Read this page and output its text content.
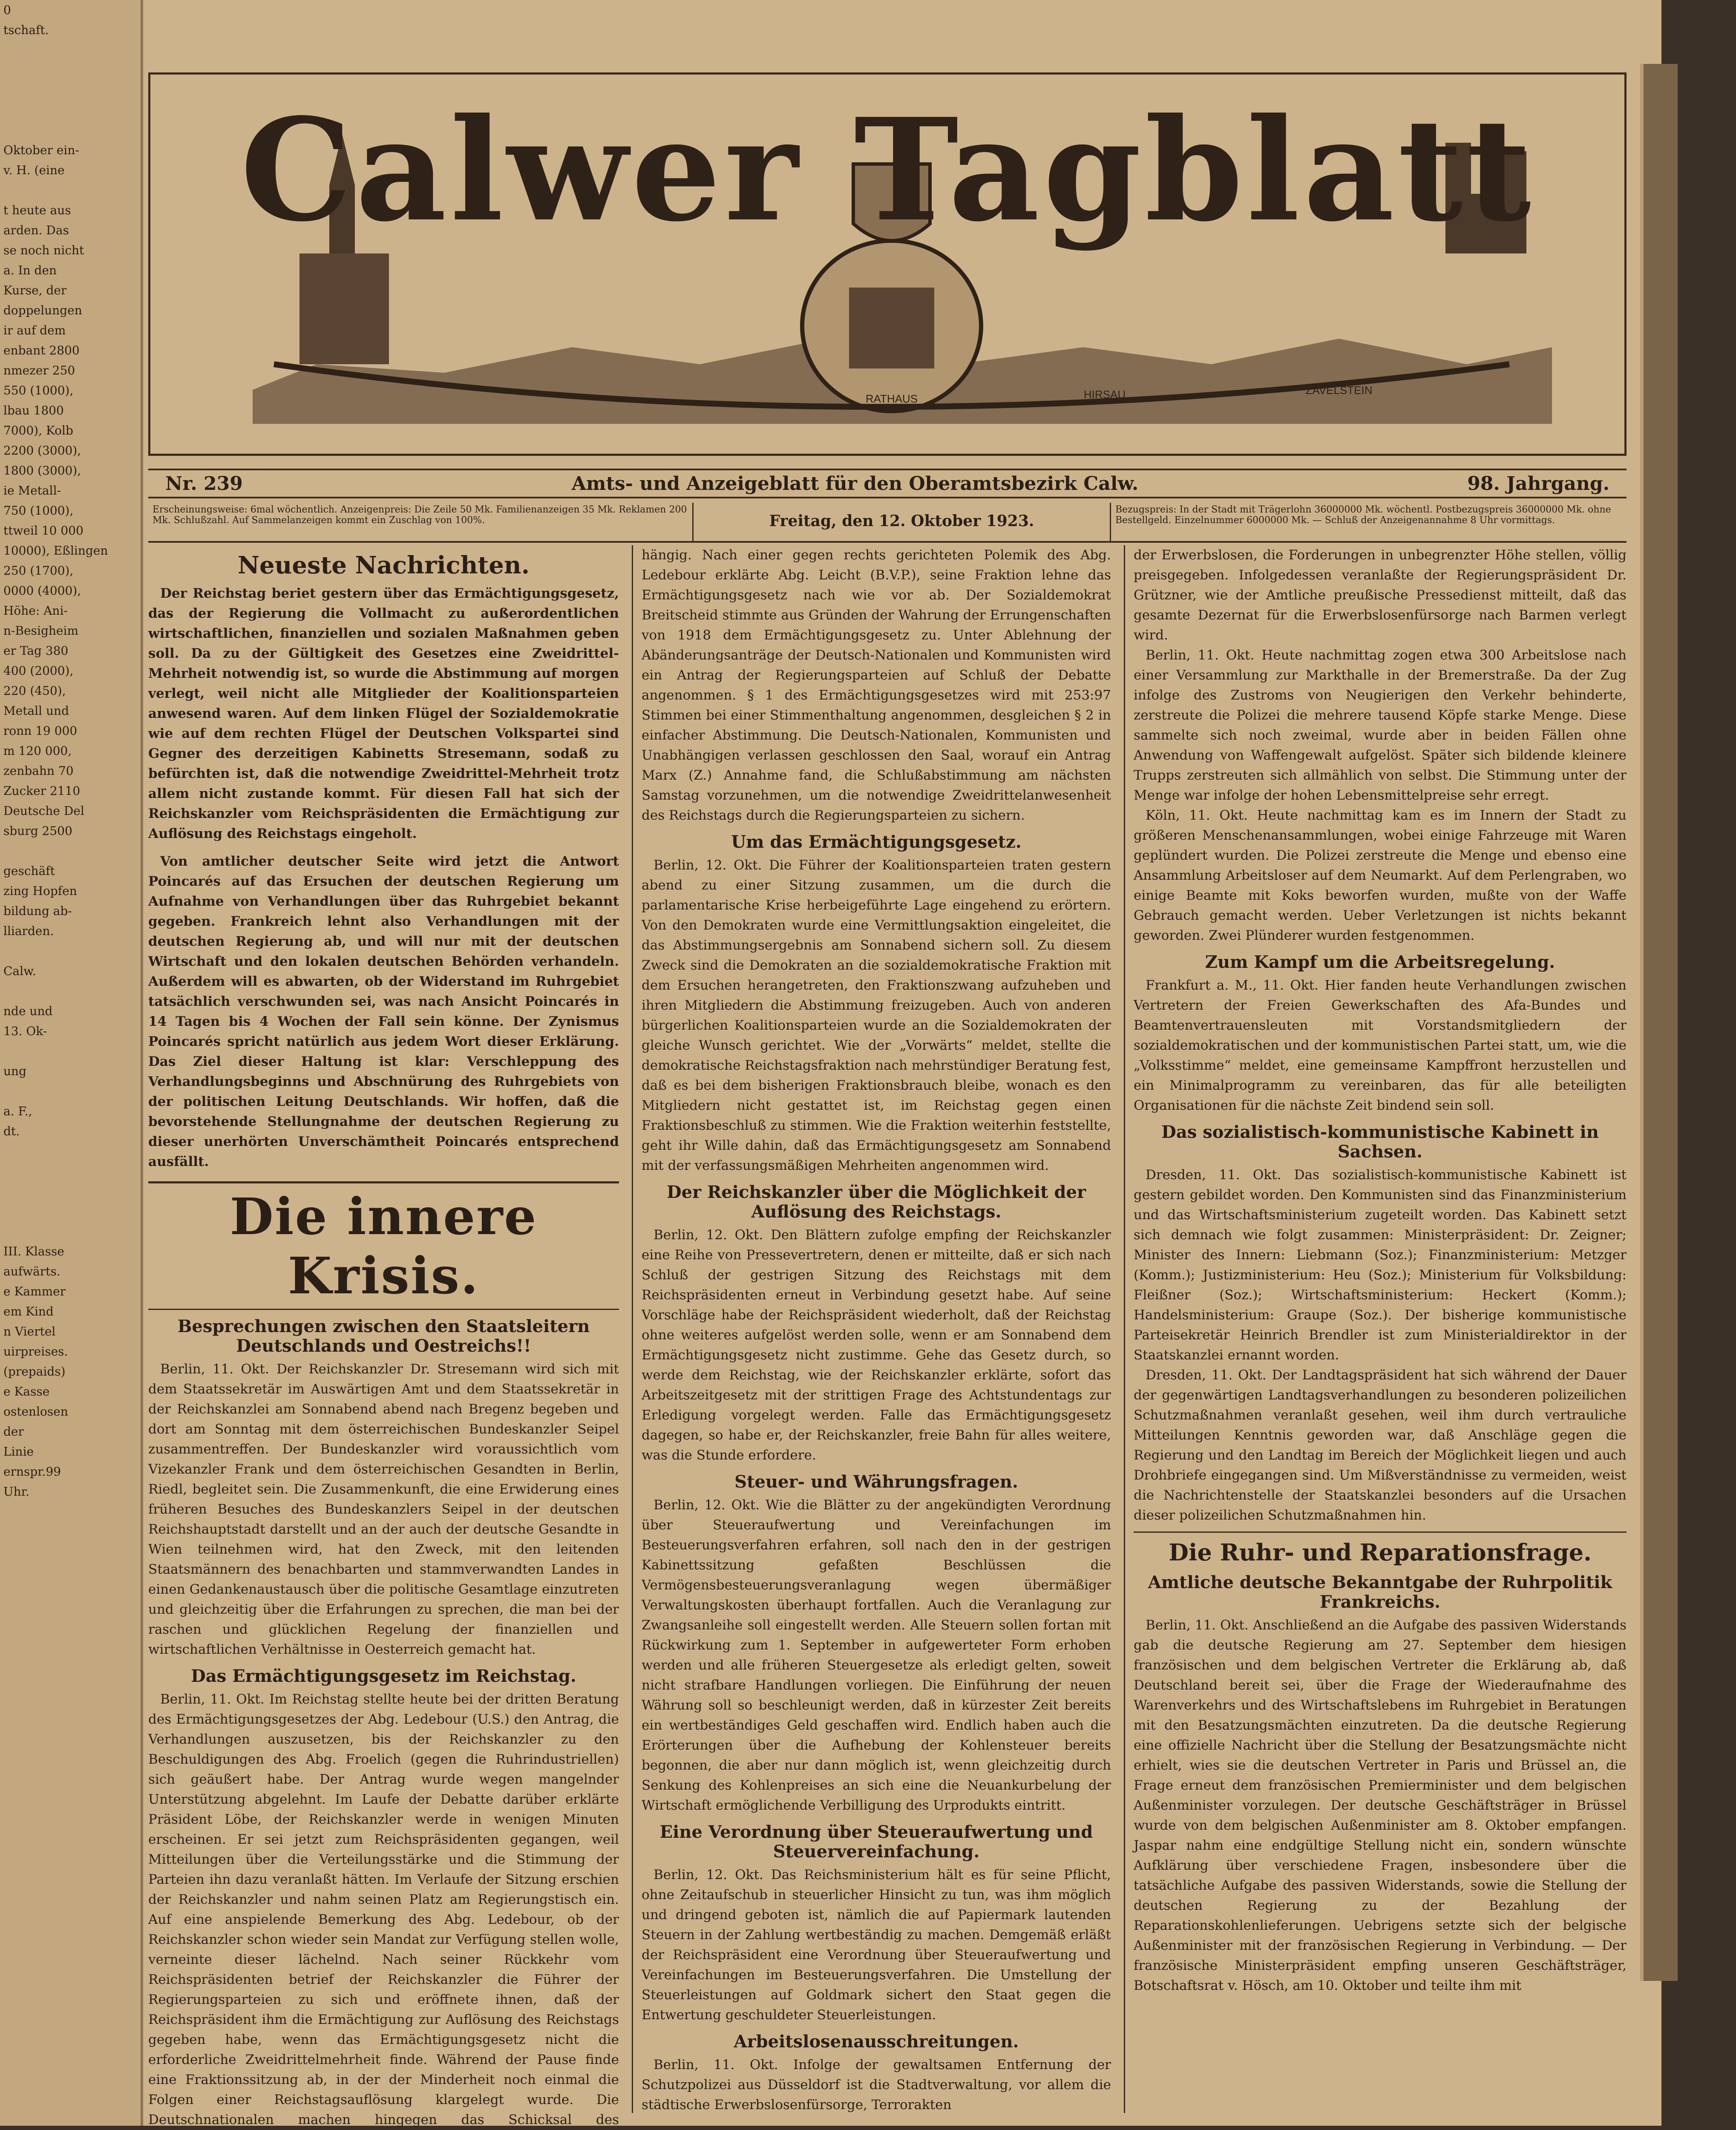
0
tschaft.

Oktober ein-
v. H. (eine

t heute aus
arden. Das
se noch nicht
a. In den
Kurse, der
doppelungen
ir auf dem
enbant 2800
nmezer 250
550 (1000),
lbau 1800
7000), Kolb
2200 (3000),
1800 (3000),
ie Metall-
750 (1000),
ttweil 10 000
10000), Eßlingen
250 (1700),
0000 (4000),
Höhe: Ani-
n-Besigheim
er Tag 380
400 (2000),
220 (450),
Metall und
ronn 19 000
m 120 000,
zenbahn 70
Zucker 2110
Deutsche Del
sburg 2500

geschäft
zing Hopfen
bildung ab-
lliarden.

Calw.

nde und
13. Ok-

ung

a. F.,
dt.

III. Klasse
aufwärts.
e Kammer
em Kind
n Viertel
uirpreises.
(prepaids)
e Kasse
ostenlosen
der
Linie
ernspr.99
Uhr.
RATHAUS	HIRSAU	ZAVELSTEIN
Calwer Tagblatt
Nr. 239	Amts- und Anzeigeblatt für den Oberamtsbezirk Calw.	98. Jahrgang.
Erscheinungsweise: 6mal wöchentlich. Anzeigenpreis: Die Zeile 50 Mk. Familienanzeigen 35 Mk. Reklamen 200 Mk. Schlußzahl. Auf Sammelanzeigen kommt ein Zuschlag von 100%.	Freitag, den 12. Oktober 1923.
Bezugspreis: In der Stadt mit Trägerlohn 36000000 Mk. wöchentl. Postbezugspreis 36000000 Mk. ohne Bestellgeld. Einzelnummer 6000000 Mk. — Schluß der Anzeigenannahme 8 Uhr vormittags.
Neueste Nachrichten.

Der Reichstag beriet gestern über das Ermächtigungsgesetz, das der Regierung die Vollmacht zu außerordentlichen wirtschaftlichen, finanziellen und sozialen Maßnahmen geben soll. Da zu der Gültigkeit des Gesetzes eine Zweidrittel-Mehrheit notwendig ist, so wurde die Abstimmung auf morgen verlegt, weil nicht alle Mitglieder der Koalitionsparteien anwesend waren. Auf dem linken Flügel der Sozialdemokratie wie auf dem rechten Flügel der Deutschen Volkspartei sind Gegner des derzeitigen Kabinetts Stresemann, sodaß zu befürchten ist, daß die notwendige Zweidrittel-Mehrheit trotz allem nicht zustande kommt. Für diesen Fall hat sich der Reichskanzler vom Reichspräsidenten die Ermächtigung zur Auflösung des Reichstags eingeholt.

Von amtlicher deutscher Seite wird jetzt die Antwort Poincarés auf das Ersuchen der deutschen Regierung um Aufnahme von Verhandlungen über das Ruhrgebiet bekannt gegeben. Frankreich lehnt also Verhandlungen mit der deutschen Regierung ab, und will nur mit der deutschen Wirtschaft und den lokalen deutschen Behörden verhandeln. Außerdem will es abwarten, ob der Widerstand im Ruhrgebiet tatsächlich verschwunden sei, was nach Ansicht Poincarés in 14 Tagen bis 4 Wochen der Fall sein könne. Der Zynismus Poincarés spricht natürlich aus jedem Wort dieser Erklärung. Das Ziel dieser Haltung ist klar: Verschleppung des Verhandlungsbeginns und Abschnürung des Ruhrgebiets von der politischen Leitung Deutschlands. Wir hoffen, daß die bevorstehende Stellungnahme der deutschen Regierung zu dieser unerhörten Unverschämtheit Poincarés entsprechend ausfällt.

Die innere Krisis.
Besprechungen zwischen den Staatsleitern Deutschlands und Oestreichs!!

Berlin, 11. Okt. Der Reichskanzler Dr. Stresemann wird sich mit dem Staatssekretär im Auswärtigen Amt und dem Staatssekretär in der Reichskanzlei am Sonnabend abend nach Bregenz begeben und dort am Sonntag mit dem österreichischen Bundeskanzler Seipel zusammentreffen. Der Bundeskanzler wird voraussichtlich vom Vizekanzler Frank und dem österreichischen Gesandten in Berlin, Riedl, begleitet sein. Die Zusammenkunft, die eine Erwiderung eines früheren Besuches des Bundeskanzlers Seipel in der deutschen Reichshauptstadt darstellt und an der auch der deutsche Gesandte in Wien teilnehmen wird, hat den Zweck, mit den leitenden Staatsmännern des benachbarten und stammverwandten Landes in einen Gedankenaustausch über die politische Gesamtlage einzutreten und gleichzeitig über die Erfahrungen zu sprechen, die man bei der raschen und glücklichen Regelung der finanziellen und wirtschaftlichen Verhältnisse in Oesterreich gemacht hat.

Das Ermächtigungsgesetz im Reichstag.

Berlin, 11. Okt. Im Reichstag stellte heute bei der dritten Beratung des Ermächtigungsgesetzes der Abg. Ledebour (U.S.) den Antrag, die Verhandlungen auszusetzen, bis der Reichskanzler zu den Beschuldigungen des Abg. Froelich (gegen die Ruhrindustriellen) sich geäußert habe. Der Antrag wurde wegen mangelnder Unterstützung abgelehnt. Im Laufe der Debatte darüber erklärte Präsident Löbe, der Reichskanzler werde in wenigen Minuten erscheinen. Er sei jetzt zum Reichspräsidenten gegangen, weil Mitteilungen über die Verteilungsstärke und die Stimmung der Parteien ihn dazu veranlaßt hätten. Im Verlaufe der Sitzung erschien der Reichskanzler und nahm seinen Platz am Regierungstisch ein. Auf eine anspielende Bemerkung des Abg. Ledebour, ob der Reichskanzler schon wieder sein Mandat zur Verfügung stellen wolle, verneinte dieser lächelnd. Nach seiner Rückkehr vom Reichspräsidenten betrief der Reichskanzler die Führer der Regierungsparteien zu sich und eröffnete ihnen, daß der Reichspräsident ihm die Ermächtigung zur Auflösung des Reichstags gegeben habe, wenn das Ermächtigungsgesetz nicht die erforderliche Zweidrittelmehrheit finde. Während der Pause finde eine Fraktionssitzung ab, in der der Minderheit noch einmal die Folgen einer Reichstagsauflösung klargelegt wurde. Die Deutschnationalen machen hingegen das Schicksal des

hängig. Nach einer gegen rechts gerichteten Polemik des Abg. Ledebour erklärte Abg. Leicht (B.V.P.), seine Fraktion lehne das Ermächtigungsgesetz nach wie vor ab. Der Sozialdemokrat Breitscheid stimmte aus Gründen der Wahrung der Errungenschaften von 1918 dem Ermächtigungsgesetz zu. Unter Ablehnung der Abänderungsanträge der Deutsch-Nationalen und Kommunisten wird ein Antrag der Regierungsparteien auf Schluß der Debatte angenommen. § 1 des Ermächtigungsgesetzes wird mit 253:97 Stimmen bei einer Stimmenthaltung angenommen, desgleichen § 2 in einfacher Abstimmung. Die Deutsch-Nationalen, Kommunisten und Unabhängigen verlassen geschlossen den Saal, worauf ein Antrag Marx (Z.) Annahme fand, die Schlußabstimmung am nächsten Samstag vorzunehmen, um die notwendige Zweidrittelanwesenheit des Reichstags durch die Regierungsparteien zu sichern.

Um das Ermächtigungsgesetz.

Berlin, 12. Okt. Die Führer der Koalitionsparteien traten gestern abend zu einer Sitzung zusammen, um die durch die parlamentarische Krise herbeigeführte Lage eingehend zu erörtern. Von den Demokraten wurde eine Vermittlungsaktion eingeleitet, die das Abstimmungsergebnis am Sonnabend sichern soll. Zu diesem Zweck sind die Demokraten an die sozialdemokratische Fraktion mit dem Ersuchen herangetreten, den Fraktionszwang aufzuheben und ihren Mitgliedern die Abstimmung freizugeben. Auch von anderen bürgerlichen Koalitionsparteien wurde an die Sozialdemokraten der gleiche Wunsch gerichtet. Wie der „Vorwärts“ meldet, stellte die demokratische Reichstagsfraktion nach mehrstündiger Beratung fest, daß es bei dem bisherigen Fraktionsbrauch bleibe, wonach es den Mitgliedern nicht gestattet ist, im Reichstag gegen einen Fraktionsbeschluß zu stimmen. Wie die Fraktion weiterhin feststellte, geht ihr Wille dahin, daß das Ermächtigungsgesetz am Sonnabend mit der verfassungsmäßigen Mehrheiten angenommen wird.

Der Reichskanzler über die Möglichkeit der Auflösung des Reichstags.

Berlin, 12. Okt. Den Blättern zufolge empfing der Reichskanzler eine Reihe von Pressevertretern, denen er mitteilte, daß er sich nach Schluß der gestrigen Sitzung des Reichstags mit dem Reichspräsidenten erneut in Verbindung gesetzt habe. Auf seine Vorschläge habe der Reichspräsident wiederholt, daß der Reichstag ohne weiteres aufgelöst werden solle, wenn er am Sonnabend dem Ermächtigungsgesetz nicht zustimme. Gehe das Gesetz durch, so werde dem Reichstag, wie der Reichskanzler erklärte, sofort das Arbeitszeitgesetz mit der strittigen Frage des Achtstundentags zur Erledigung vorgelegt werden. Falle das Ermächtigungsgesetz dagegen, so habe er, der Reichskanzler, freie Bahn für alles weitere, was die Stunde erfordere.

Steuer- und Währungsfragen.

Berlin, 12. Okt. Wie die Blätter zu der angekündigten Verordnung über Steueraufwertung und Vereinfachungen im Besteuerungsverfahren erfahren, soll nach den in der gestrigen Kabinettssitzung gefaßten Beschlüssen die Vermögensbesteuerungsveranlagung wegen übermäßiger Verwaltungskosten überhaupt fortfallen. Auch die Veranlagung zur Zwangsanleihe soll eingestellt werden. Alle Steuern sollen fortan mit Rückwirkung zum 1. September in aufgewerteter Form erhoben werden und alle früheren Steuergesetze als erledigt gelten, soweit nicht strafbare Handlungen vorliegen. Die Einführung der neuen Währung soll so beschleunigt werden, daß in kürzester Zeit bereits ein wertbeständiges Geld geschaffen wird. Endlich haben auch die Erörterungen über die Aufhebung der Kohlensteuer bereits begonnen, die aber nur dann möglich ist, wenn gleichzeitig durch Senkung des Kohlenpreises an sich eine die Neuankurbelung der Wirtschaft ermöglichende Verbilligung des Urprodukts eintritt.

Eine Verordnung über Steueraufwertung und Steuervereinfachung.

Berlin, 12. Okt. Das Reichsministerium hält es für seine Pflicht, ohne Zeitaufschub in steuerlicher Hinsicht zu tun, was ihm möglich und dringend geboten ist, nämlich die auf Papiermark lautenden Steuern in der Zahlung wertbeständig zu machen. Demgemäß erläßt der Reichspräsident eine Verordnung über Steueraufwertung und Vereinfachungen im Besteuerungsverfahren. Die Umstellung der Steuerleistungen auf Goldmark sichert den Staat gegen die Entwertung geschuldeter Steuerleistungen.

Arbeitslosenausschreitungen.

Berlin, 11. Okt. Infolge der gewaltsamen Entfernung der Schutzpolizei aus Düsseldorf ist die Stadtverwaltung, vor allem die städtische Erwerbslosenfürsorge, Terrorakten

der Erwerbslosen, die Forderungen in unbegrenzter Höhe stellen, völlig preisgegeben. Infolgedessen veranlaßte der Regierungspräsident Dr. Grützner, wie der Amtliche preußische Pressedienst mitteilt, daß das gesamte Dezernat für die Erwerbslosenfürsorge nach Barmen verlegt wird.

Berlin, 11. Okt. Heute nachmittag zogen etwa 300 Arbeitslose nach einer Versammlung zur Markthalle in der Bremerstraße. Da der Zug infolge des Zustroms von Neugierigen den Verkehr behinderte, zerstreute die Polizei die mehrere tausend Köpfe starke Menge. Diese sammelte sich noch zweimal, wurde aber in beiden Fällen ohne Anwendung von Waffengewalt aufgelöst. Später sich bildende kleinere Trupps zerstreuten sich allmählich von selbst. Die Stimmung unter der Menge war infolge der hohen Lebensmittelpreise sehr erregt.

Köln, 11. Okt. Heute nachmittag kam es im Innern der Stadt zu größeren Menschenansammlungen, wobei einige Fahrzeuge mit Waren geplündert wurden. Die Polizei zerstreute die Menge und ebenso eine Ansammlung Arbeitsloser auf dem Neumarkt. Auf dem Perlengraben, wo einige Beamte mit Koks beworfen wurden, mußte von der Waffe Gebrauch gemacht werden. Ueber Verletzungen ist nichts bekannt geworden. Zwei Plünderer wurden festgenommen.

Zum Kampf um die Arbeitsregelung.

Frankfurt a. M., 11. Okt. Hier fanden heute Verhandlungen zwischen Vertretern der Freien Gewerkschaften des Afa-Bundes und Beamtenvertrauensleuten mit Vorstandsmitgliedern der sozialdemokratischen und der kommunistischen Partei statt, um, wie die „Volksstimme“ meldet, eine gemeinsame Kampffront herzustellen und ein Minimalprogramm zu vereinbaren, das für alle beteiligten Organisationen für die nächste Zeit bindend sein soll.

Das sozialistisch-kommunistische Kabinett in Sachsen.

Dresden, 11. Okt. Das sozialistisch-kommunistische Kabinett ist gestern gebildet worden. Den Kommunisten sind das Finanzministerium und das Wirtschaftsministerium zugeteilt worden. Das Kabinett setzt sich demnach wie folgt zusammen: Ministerpräsident: Dr. Zeigner; Minister des Innern: Liebmann (Soz.); Finanzministerium: Metzger (Komm.); Justizministerium: Heu (Soz.); Ministerium für Volksbildung: Fleißner (Soz.); Wirtschaftsministerium: Heckert (Komm.); Handelsministerium: Graupe (Soz.). Der bisherige kommunistische Parteisekretär Heinrich Brendler ist zum Ministerialdirektor in der Staatskanzlei ernannt worden.

Dresden, 11. Okt. Der Landtagspräsident hat sich während der Dauer der gegenwärtigen Landtagsverhandlungen zu besonderen polizeilichen Schutzmaßnahmen veranlaßt gesehen, weil ihm durch vertrauliche Mitteilungen Kenntnis geworden war, daß Anschläge gegen die Regierung und den Landtag im Bereich der Möglichkeit liegen und auch Drohbriefe eingegangen sind. Um Mißverständnisse zu vermeiden, weist die Nachrichtenstelle der Staatskanzlei besonders auf die Ursachen dieser polizeilichen Schutzmaßnahmen hin.

Die Ruhr- und Reparationsfrage.
Amtliche deutsche Bekanntgabe der Ruhrpolitik Frankreichs.

Berlin, 11. Okt. Anschließend an die Aufgabe des passiven Widerstands gab die deutsche Regierung am 27. September dem hiesigen französischen und dem belgischen Vertreter die Erklärung ab, daß Deutschland bereit sei, über die Frage der Wiederaufnahme des Warenverkehrs und des Wirtschaftslebens im Ruhrgebiet in Beratungen mit den Besatzungsmächten einzutreten. Da die deutsche Regierung eine offizielle Nachricht über die Stellung der Besatzungsmächte nicht erhielt, wies sie die deutschen Vertreter in Paris und Brüssel an, die Frage erneut dem französischen Premierminister und dem belgischen Außenminister vorzulegen. Der deutsche Geschäftsträger in Brüssel wurde von dem belgischen Außenminister am 8. Oktober empfangen. Jaspar nahm eine endgültige Stellung nicht ein, sondern wünschte Aufklärung über verschiedene Fragen, insbesondere über die tatsächliche Aufgabe des passiven Widerstands, sowie die Stellung der deutschen Regierung zu der Bezahlung der Reparationskohlenlieferungen. Uebrigens setzte sich der belgische Außenminister mit der französischen Regierung in Verbindung. — Der französische Ministerpräsident empfing unseren Geschäftsträger, Botschaftsrat v. Hösch, am 10. Oktober und teilte ihm mit
